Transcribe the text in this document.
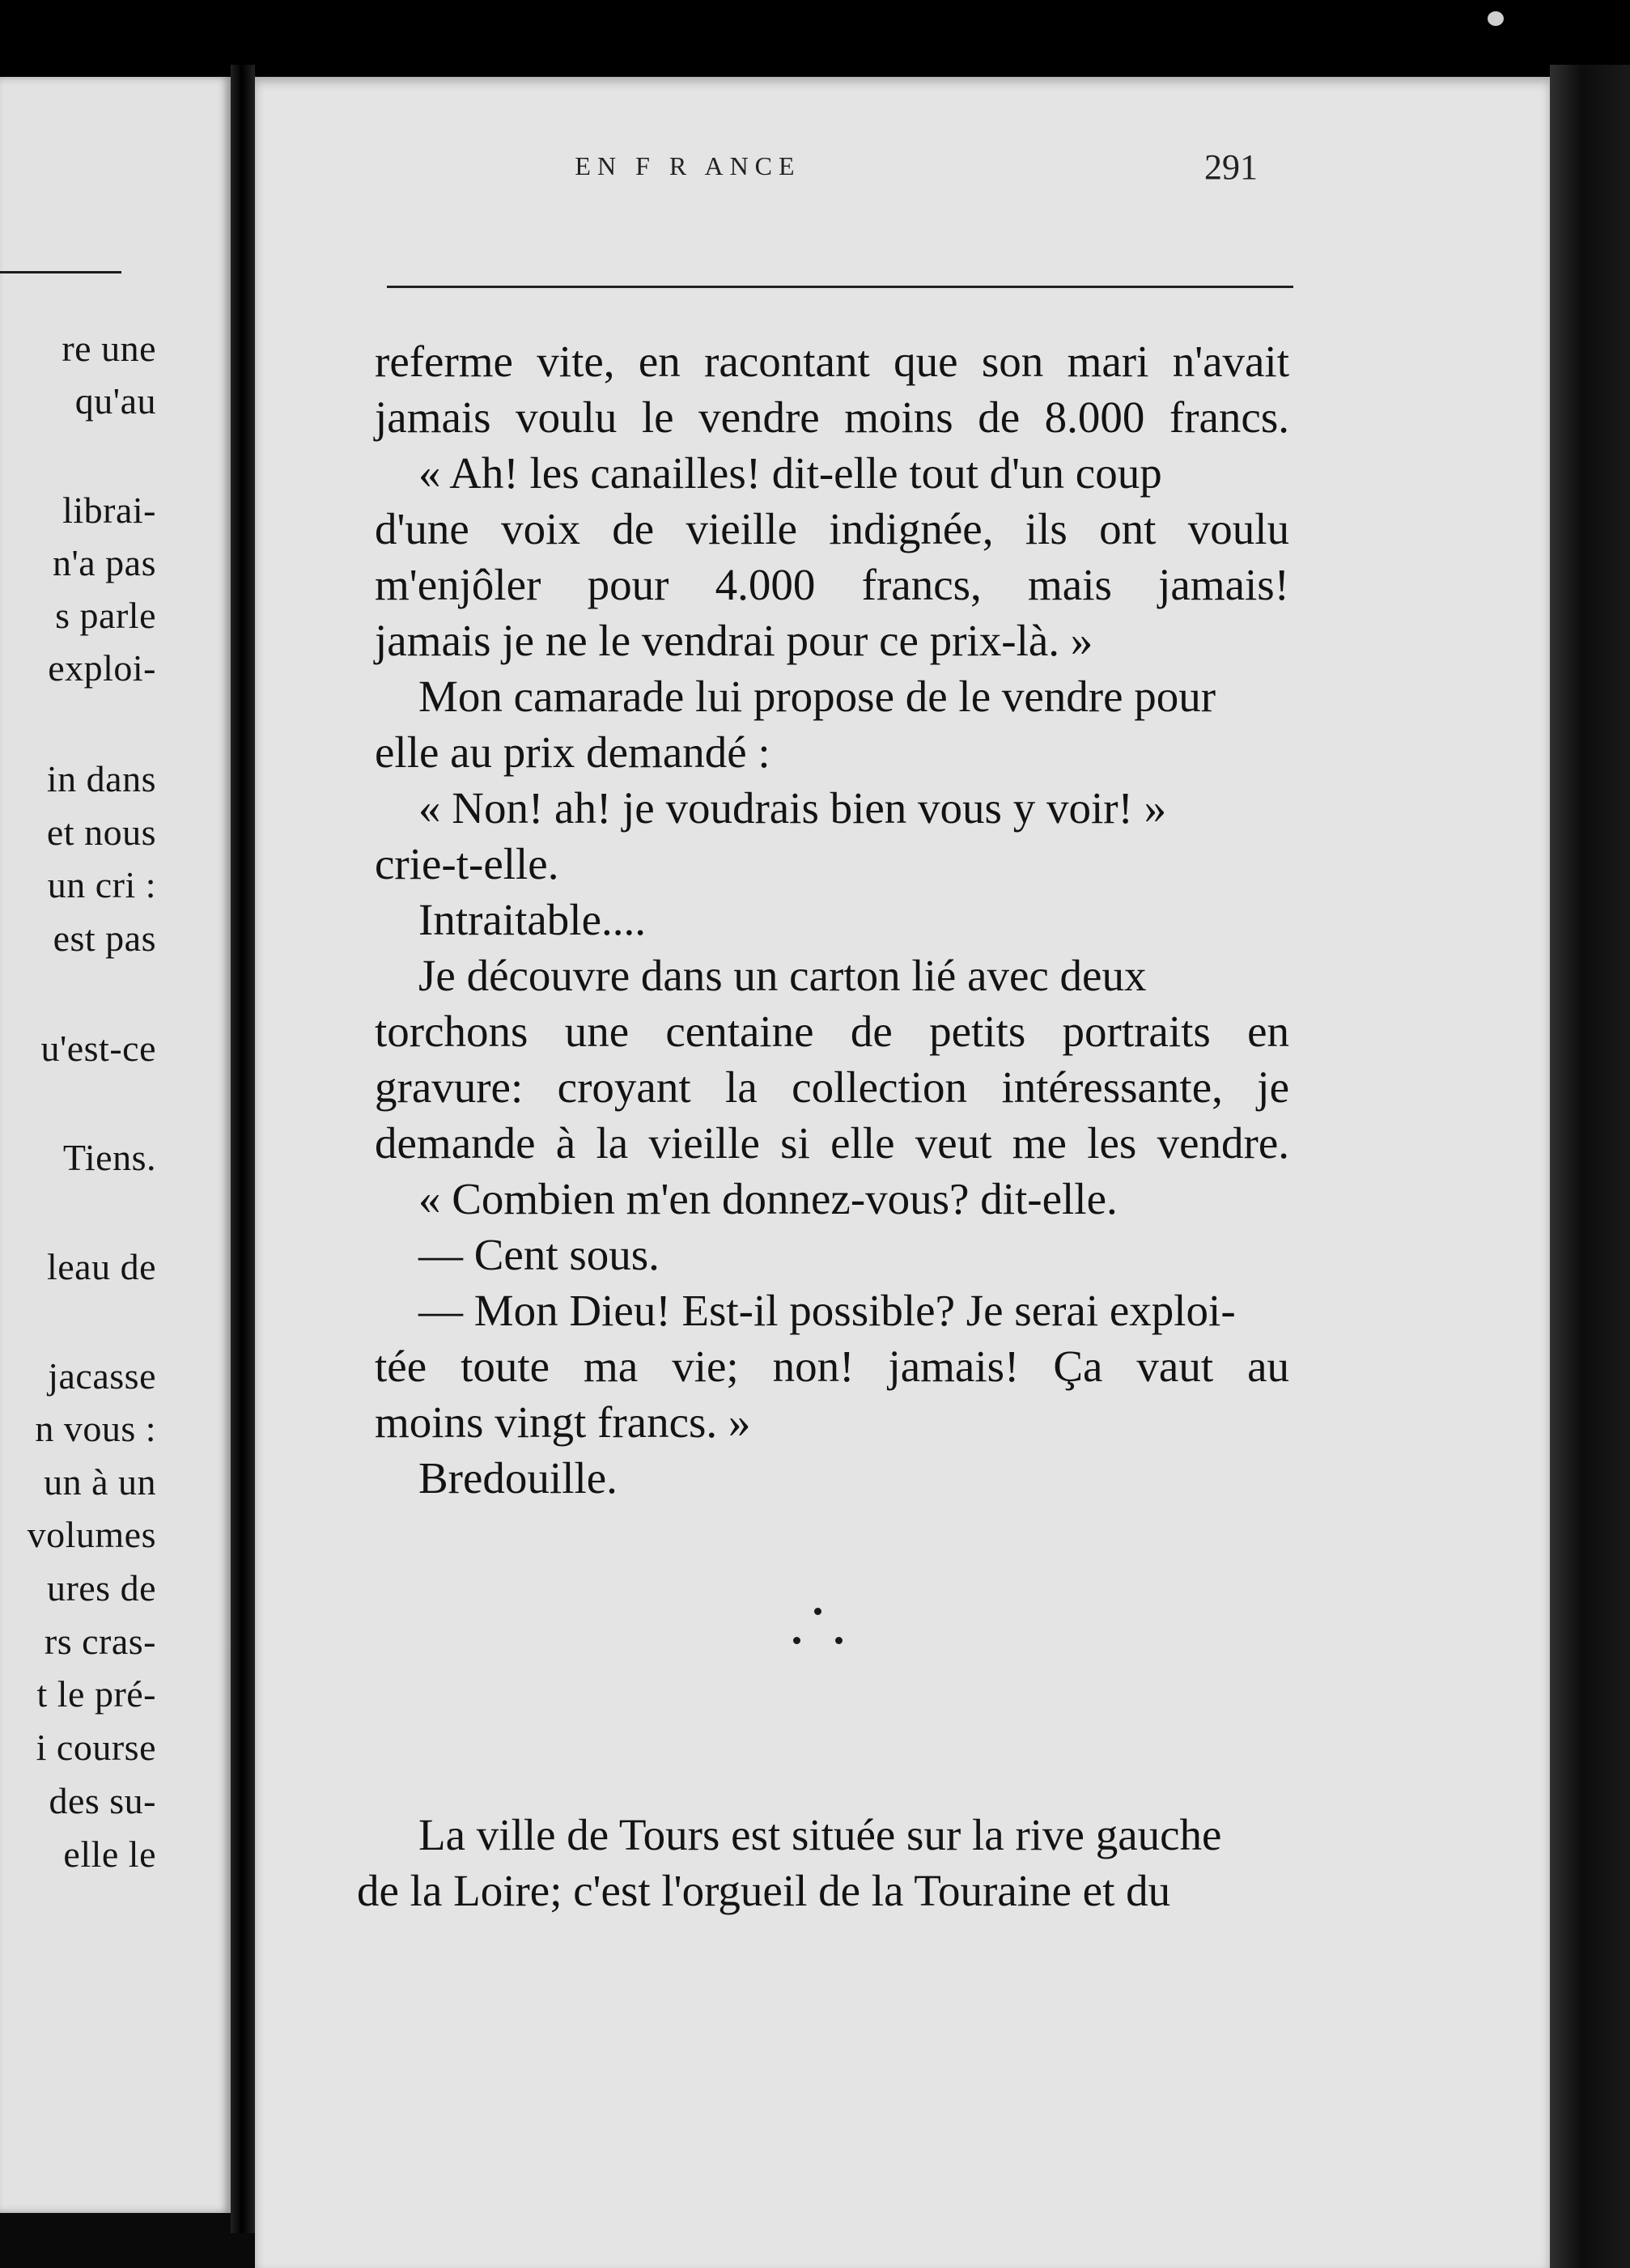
re une
qu'au
librai-
n'a pas
s parle
exploi-
in dans
et nous
un cri :
est pas
u'est-ce
Tiens.
leau de
jacasse
n vous :
un à un
volumes
ures de
rs cras-
t le pré-
i course
des su-
elle le
EN F R ANCE	291
referme vite, en racontant que son mari n'avait
jamais voulu le vendre moins de 8.000 francs.
« Ah! les canailles! dit-elle tout d'un coup
d'une voix de vieille indignée, ils ont voulu
m'enjôler pour 4.000 francs, mais jamais!
jamais je ne le vendrai pour ce prix-là. »
Mon camarade lui propose de le vendre pour
elle au prix demandé :
« Non! ah! je voudrais bien vous y voir! »
crie-t-elle.
Intraitable....
Je découvre dans un carton lié avec deux
torchons une centaine de petits portraits en
gravure: croyant la collection intéressante, je
demande à la vieille si elle veut me les vendre.
« Combien m'en donnez-vous? dit-elle.
— Cent sous.
— Mon Dieu! Est-il possible? Je serai exploi-
tée toute ma vie; non! jamais! Ça vaut au
moins vingt francs. »
Bredouille.
La ville de Tours est située sur la rive gauche
de la Loire; c'est l'orgueil de la Touraine et du
